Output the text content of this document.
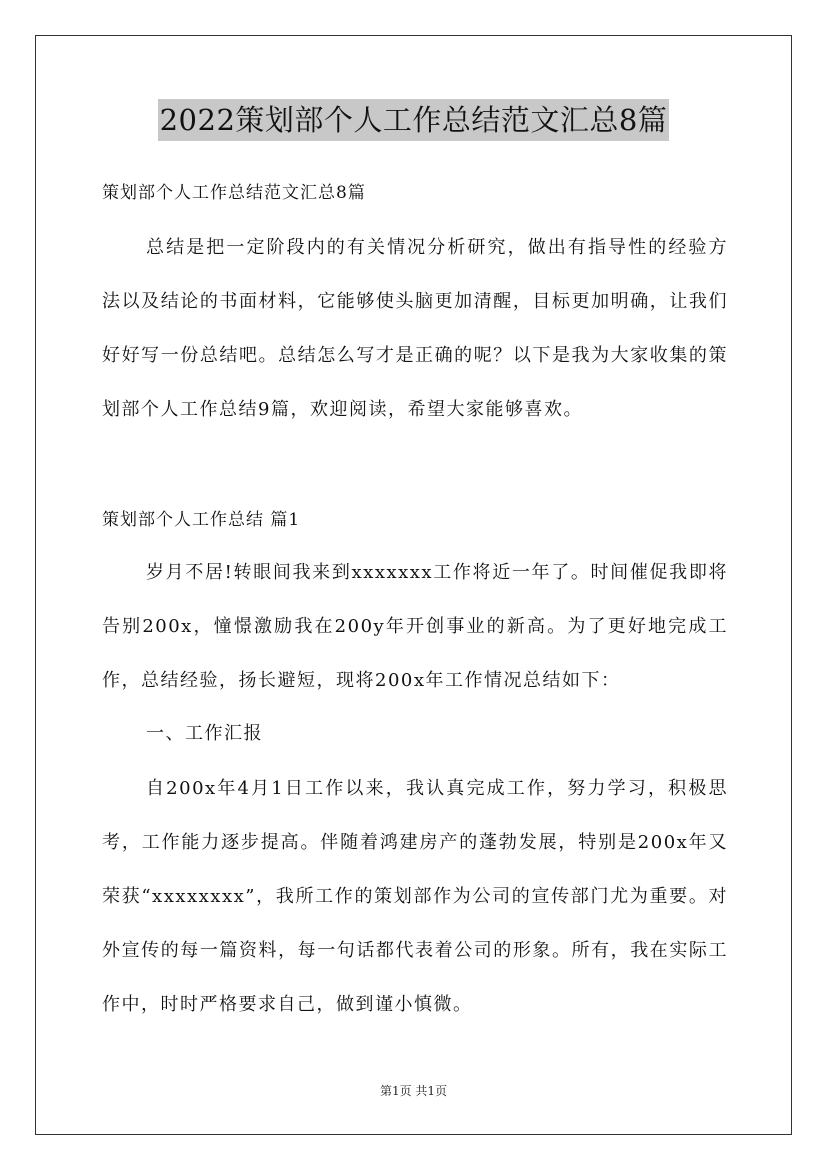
2022策划部个人工作总结范文汇总8篇
策划部个人工作总结范文汇总8篇

总结是把一定阶段内的有关情况分析研究，做出有指导性的经验方法以及结论的书面材料，它能够使头脑更加清醒，目标更加明确，让我们好好写一份总结吧。总结怎么写才是正确的呢？以下是我为大家收集的策划部个人工作总结9篇，欢迎阅读，希望大家能够喜欢。

策划部个人工作总结 篇1

岁月不居!转眼间我来到xxxxxxx工作将近一年了。时间催促我即将告别200x，憧憬激励我在200y年开创事业的新高。为了更好地完成工作，总结经验，扬长避短，现将200x年工作情况总结如下：

一、工作汇报

自200x年4月1日工作以来，我认真完成工作，努力学习，积极思考，工作能力逐步提高。伴随着鸿建房产的蓬勃发展，特别是200x年又荣获“xxxxxxxx”，我所工作的策划部作为公司的宣传部门尤为重要。对外宣传的每一篇资料，每一句话都代表着公司的形象。所有，我在实际工作中，时时严格要求自己，做到谨小慎微。

第1页 共1页
